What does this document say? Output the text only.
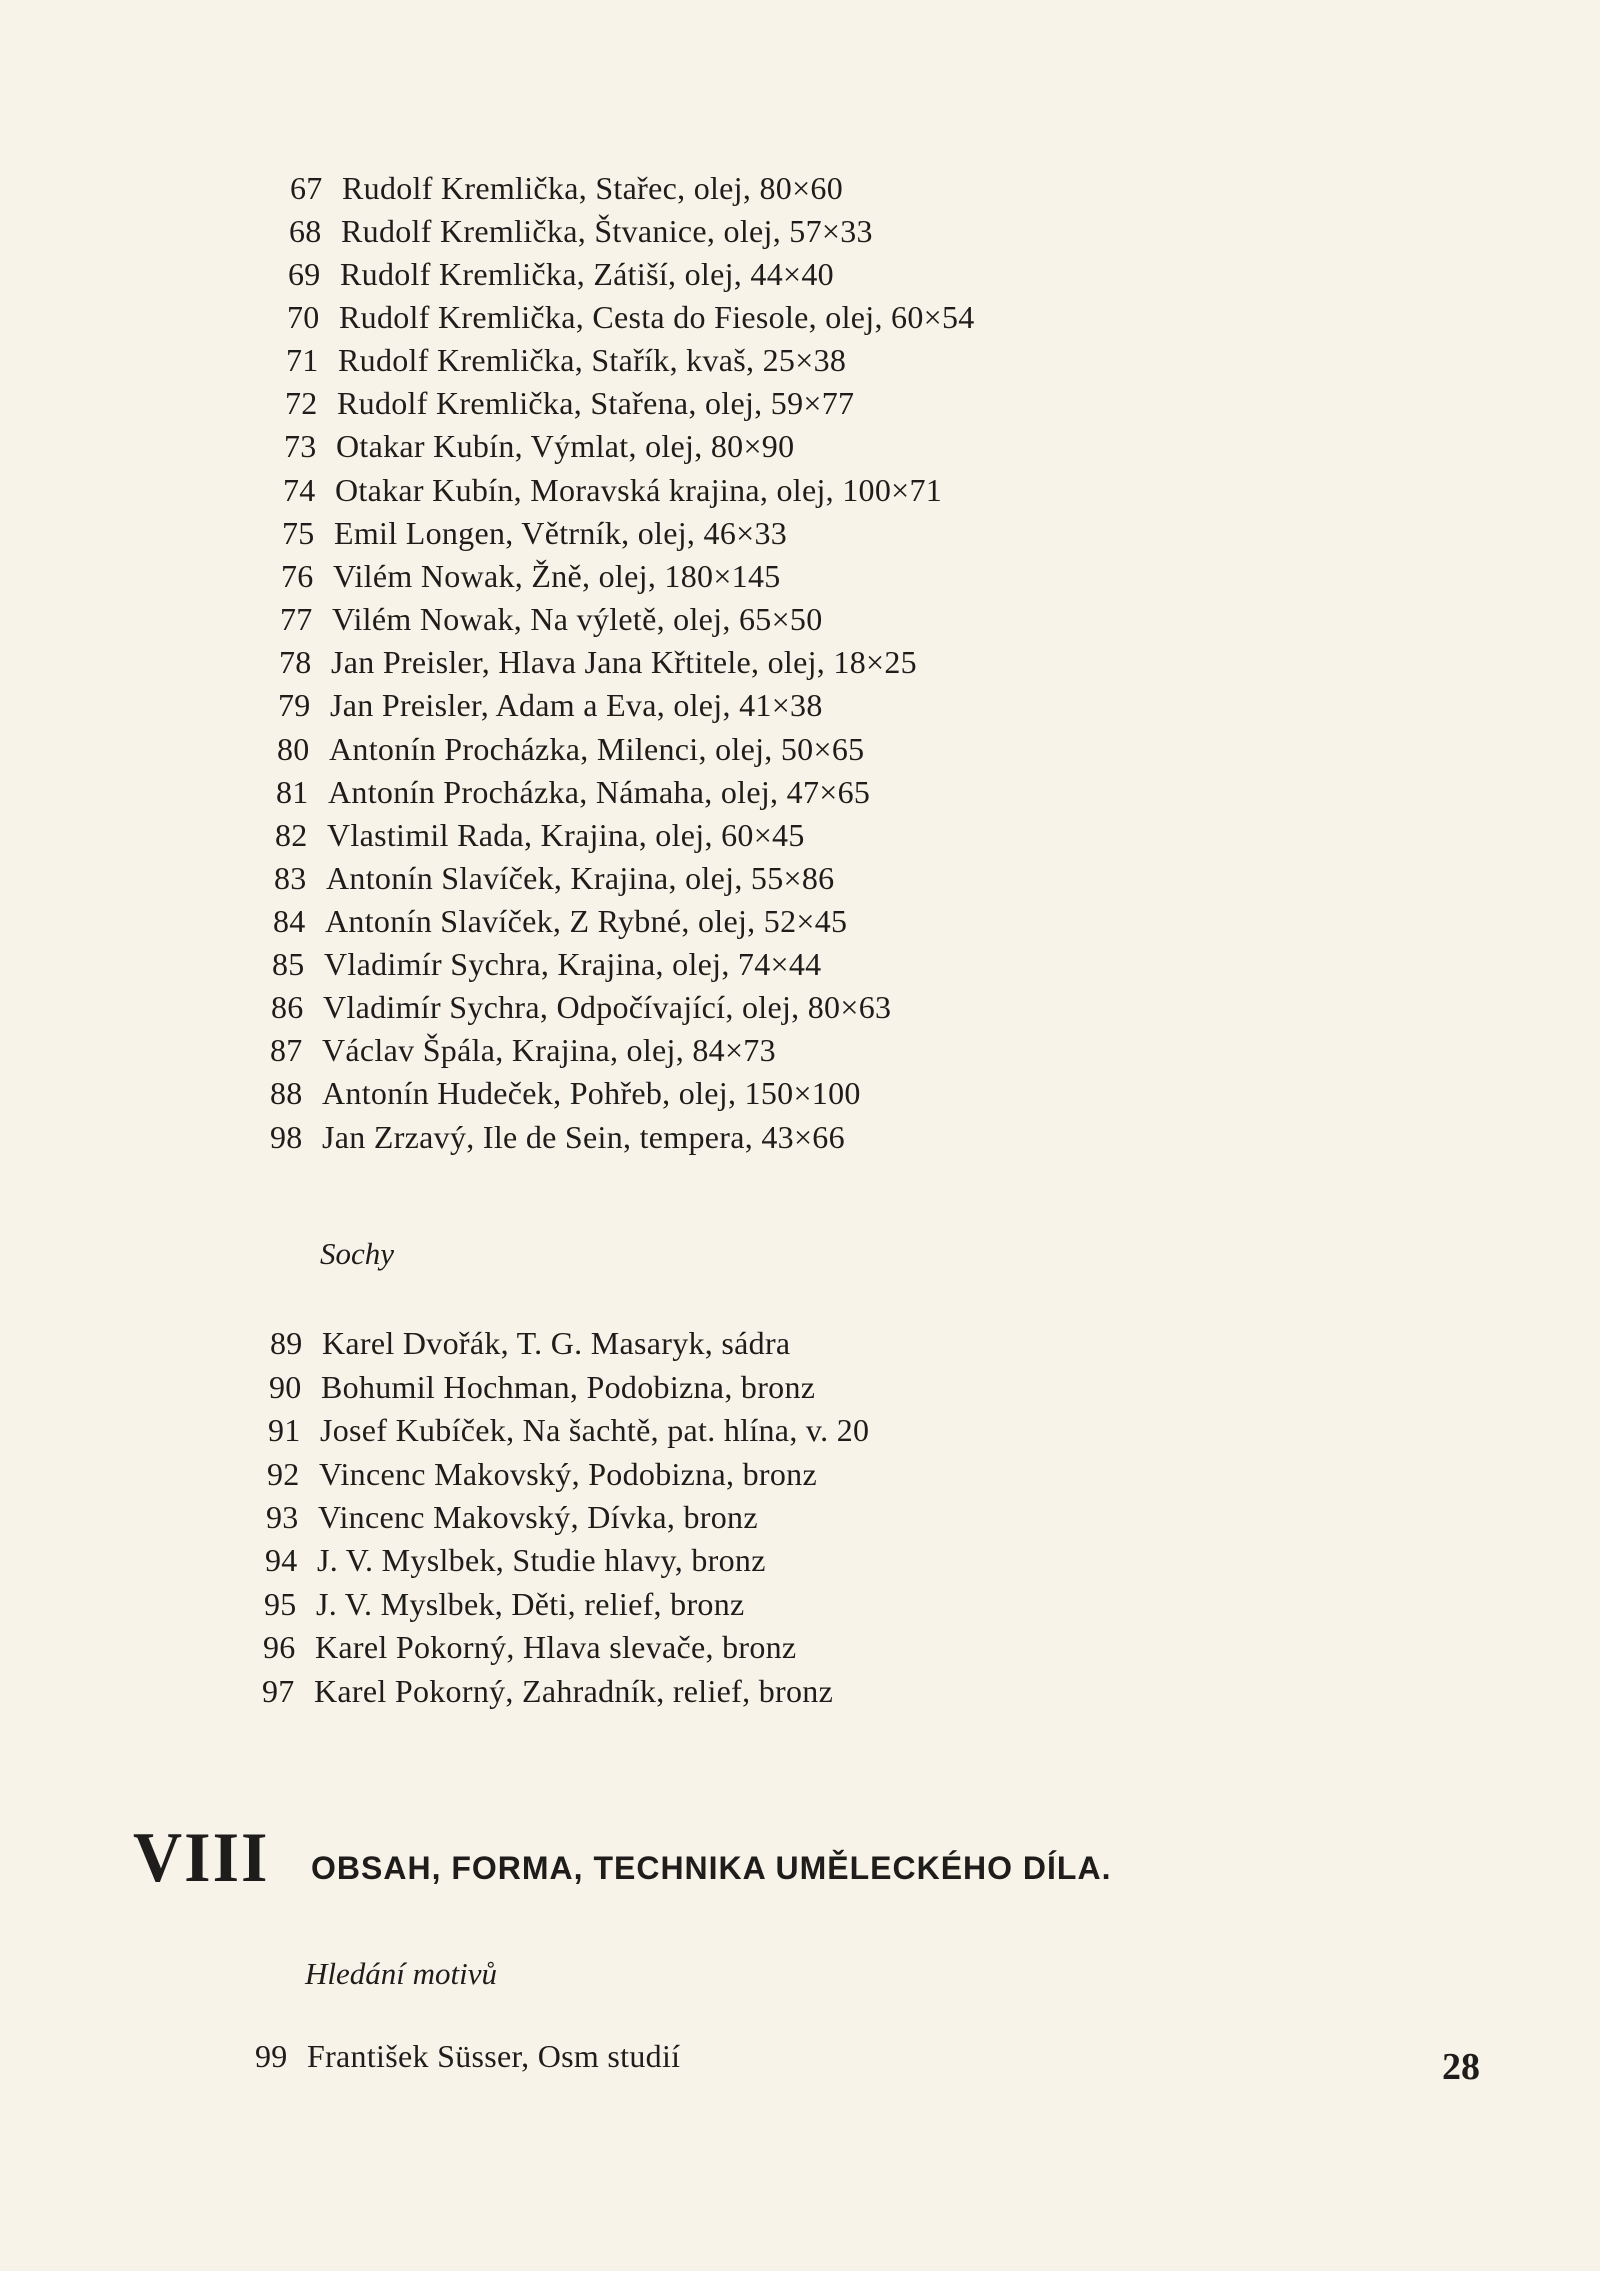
67 Rudolf Kremlička, Stařec, olej, 80×60
68 Rudolf Kremlička, Štvanice, olej, 57×33
69 Rudolf Kremlička, Zátiší, olej, 44×40
70 Rudolf Kremlička, Cesta do Fiesole, olej, 60×54
71 Rudolf Kremlička, Stařík, kvaš, 25×38
72 Rudolf Kremlička, Stařena, olej, 59×77
73 Otakar Kubín, Výmlat, olej, 80×90
74 Otakar Kubín, Moravská krajina, olej, 100×71
75 Emil Longen, Větrník, olej, 46×33
76 Vilém Nowak, Žně, olej, 180×145
77 Vilém Nowak, Na výletě, olej, 65×50
78 Jan Preisler, Hlava Jana Křtitele, olej, 18×25
79 Jan Preisler, Adam a Eva, olej, 41×38
80 Antonín Procházka, Milenci, olej, 50×65
81 Antonín Procházka, Námaha, olej, 47×65
82 Vlastimil Rada, Krajina, olej, 60×45
83 Antonín Slavíček, Krajina, olej, 55×86
84 Antonín Slavíček, Z Rybné, olej, 52×45
85 Vladimír Sychra, Krajina, olej, 74×44
86 Vladimír Sychra, Odpočívající, olej, 80×63
87 Václav Špála, Krajina, olej, 84×73
88 Antonín Hudeček, Pohřeb, olej, 150×100
98 Jan Zrzavý, Ile de Sein, tempera, 43×66
Sochy
89 Karel Dvořák, T. G. Masaryk, sádra
90 Bohumil Hochman, Podobizna, bronz
91 Josef Kubíček, Na šachtě, pat. hlína, v. 20
92 Vincenc Makovský, Podobizna, bronz
93 Vincenc Makovský, Dívka, bronz
94 J. V. Myslbek, Studie hlavy, bronz
95 J. V. Myslbek, Děti, relief, bronz
96 Karel Pokorný, Hlava slevače, bronz
97 Karel Pokorný, Zahradník, relief, bronz
VIII OBSAH, FORMA, TECHNIKA UMĚLECKÉHO DÍLA.
Hledání motivů
99 František Süsser, Osm studií	28
